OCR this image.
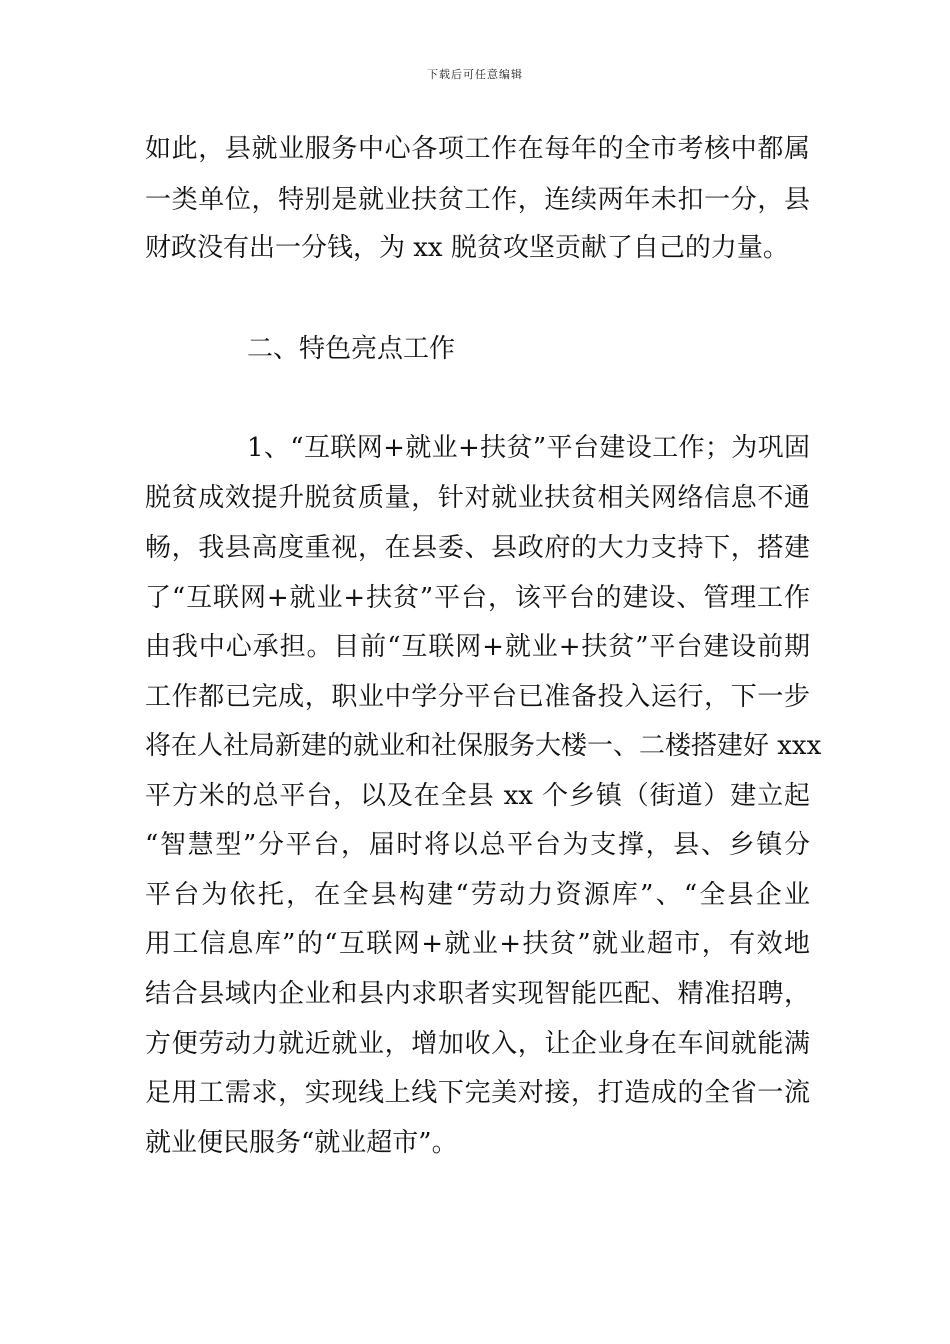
下载后可任意编辑
如此，县就业服务中心各项工作在每年的全市考核中都属
一类单位，特别是就业扶贫工作，连续两年未扣一分，县
财政没有出一分钱，为 xx 脱贫攻坚贡献了自己的力量。
二、特色亮点工作
1、“互联网+就业+扶贫”平台建设工作；为巩固
脱贫成效提升脱贫质量，针对就业扶贫相关网络信息不通
畅，我县高度重视，在县委、县政府的大力支持下，搭建
了“互联网+就业+扶贫”平台，该平台的建设、管理工作
由我中心承担。目前“互联网+就业+扶贫”平台建设前期
工作都已完成，职业中学分平台已准备投入运行，下一步
将在人社局新建的就业和社保服务大楼一、二楼搭建好 xxx
平方米的总平台，以及在全县 xx 个乡镇（街道）建立起
“智慧型”分平台，届时将以总平台为支撑，县、乡镇分
平台为依托，在全县构建“劳动力资源库”、“全县企业
用工信息库”的“互联网+就业+扶贫”就业超市，有效地
结合县域内企业和县内求职者实现智能匹配、精准招聘，
方便劳动力就近就业，增加收入，让企业身在车间就能满
足用工需求，实现线上线下完美对接，打造成的全省一流
就业便民服务“就业超市”。
